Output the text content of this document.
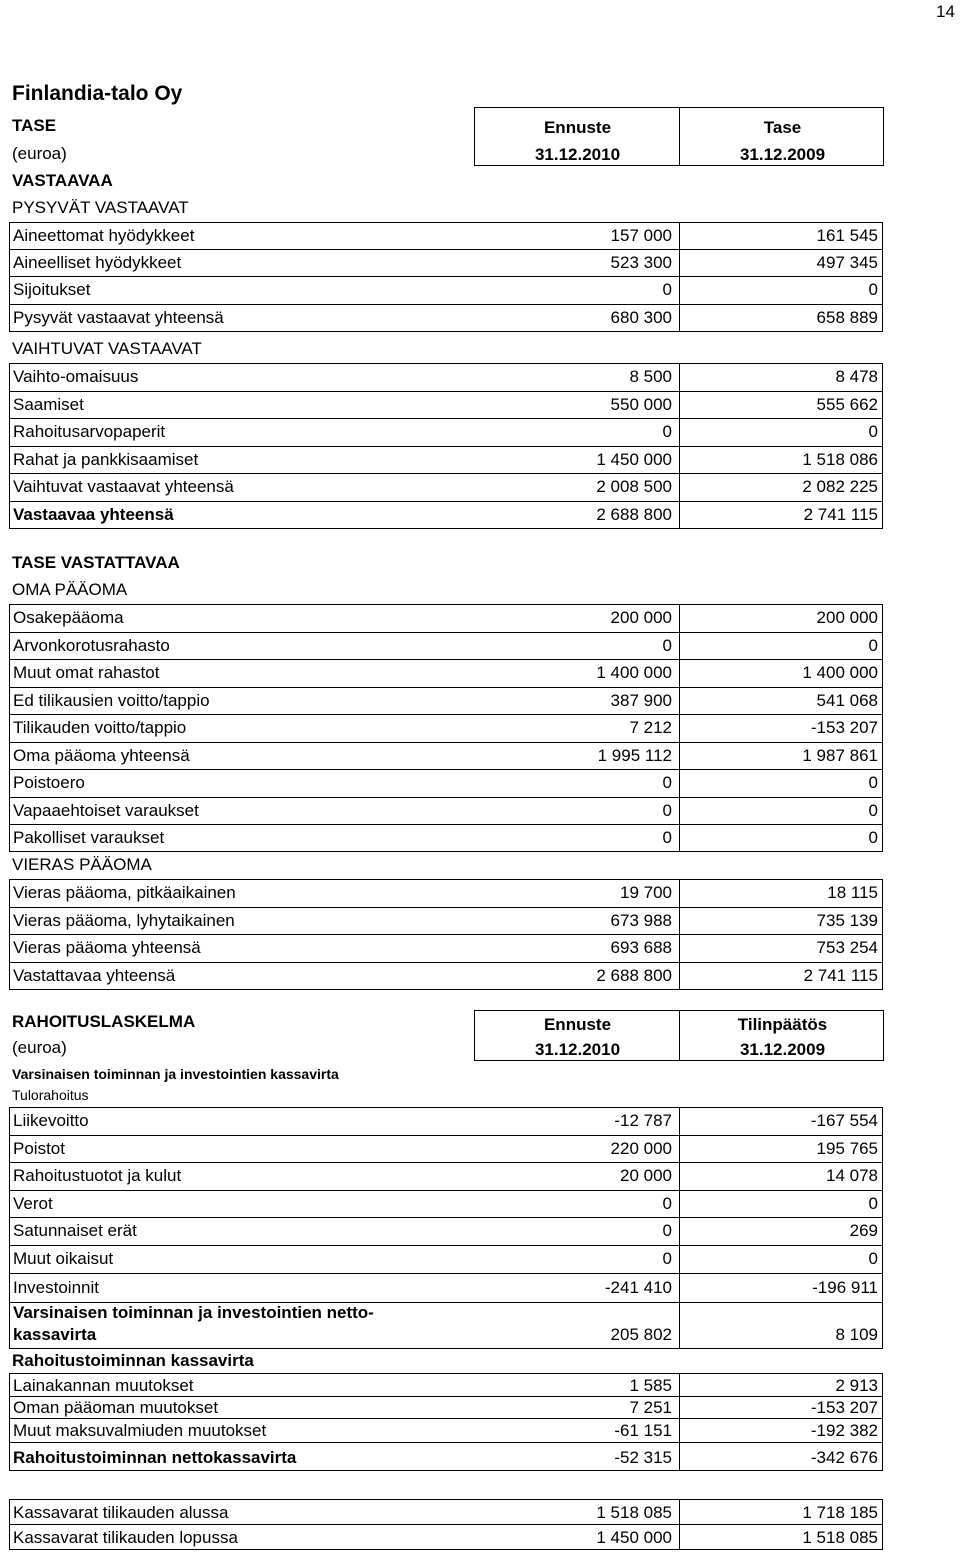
14
Finlandia-talo Oy
Ennuste
31.12.2010
Tase
31.12.2009
TASE
(euroa)
VASTAAVAA
PYSYVÄT VASTAAVAT
Aineettomat hyödykkeet	157 000	161 545
Aineelliset hyödykkeet	523 300	497 345
Sijoitukset	0	0
Pysyvät vastaavat yhteensä	680 300	658 889
VAIHTUVAT VASTAAVAT
Vaihto-omaisuus	8 500	8 478
Saamiset	550 000	555 662
Rahoitusarvopaperit	0	0
Rahat ja pankkisaamiset	1 450 000	1 518 086
Vaihtuvat vastaavat yhteensä	2 008 500	2 082 225
Vastaavaa yhteensä	2 688 800	2 741 115
TASE VASTATTAVAA
OMA PÄÄOMA
Osakepääoma	200 000	200 000
Arvonkorotusrahasto	0	0
Muut omat rahastot	1 400 000	1 400 000
Ed tilikausien voitto/tappio	387 900	541 068
Tilikauden voitto/tappio	7 212	-153 207
Oma pääoma yhteensä	1 995 112	1 987 861
Poistoero	0	0
Vapaaehtoiset varaukset	0	0
Pakolliset varaukset	0	0
VIERAS PÄÄOMA
Vieras pääoma, pitkäaikainen	19 700	18 115
Vieras pääoma, lyhytaikainen	673 988	735 139
Vieras pääoma yhteensä	693 688	753 254
Vastattavaa yhteensä	2 688 800	2 741 115
Ennuste
31.12.2010
Tilinpäätös
31.12.2009
RAHOITUSLASKELMA
(euroa)
Varsinaisen toiminnan ja investointien kassavirta
Tulorahoitus
Liikevoitto	-12 787	-167 554
Poistot	220 000	195 765
Rahoitustuotot ja kulut	20 000	14 078
Verot	0	0
Satunnaiset erät	0	269
Muut oikaisut	0	0
Investoinnit	-241 410	-196 911
Varsinaisen toiminnan ja investointien netto-
kassavirta	205 802	8 109
Rahoitustoiminnan kassavirta
Lainakannan muutokset	1 585	2 913
Oman pääoman muutokset	7 251	-153 207
Muut maksuvalmiuden muutokset	-61 151	-192 382
Rahoitustoiminnan nettokassavirta	-52 315	-342 676
Kassavarat tilikauden alussa	1 518 085	1 718 185
Kassavarat tilikauden lopussa	1 450 000	1 518 085
